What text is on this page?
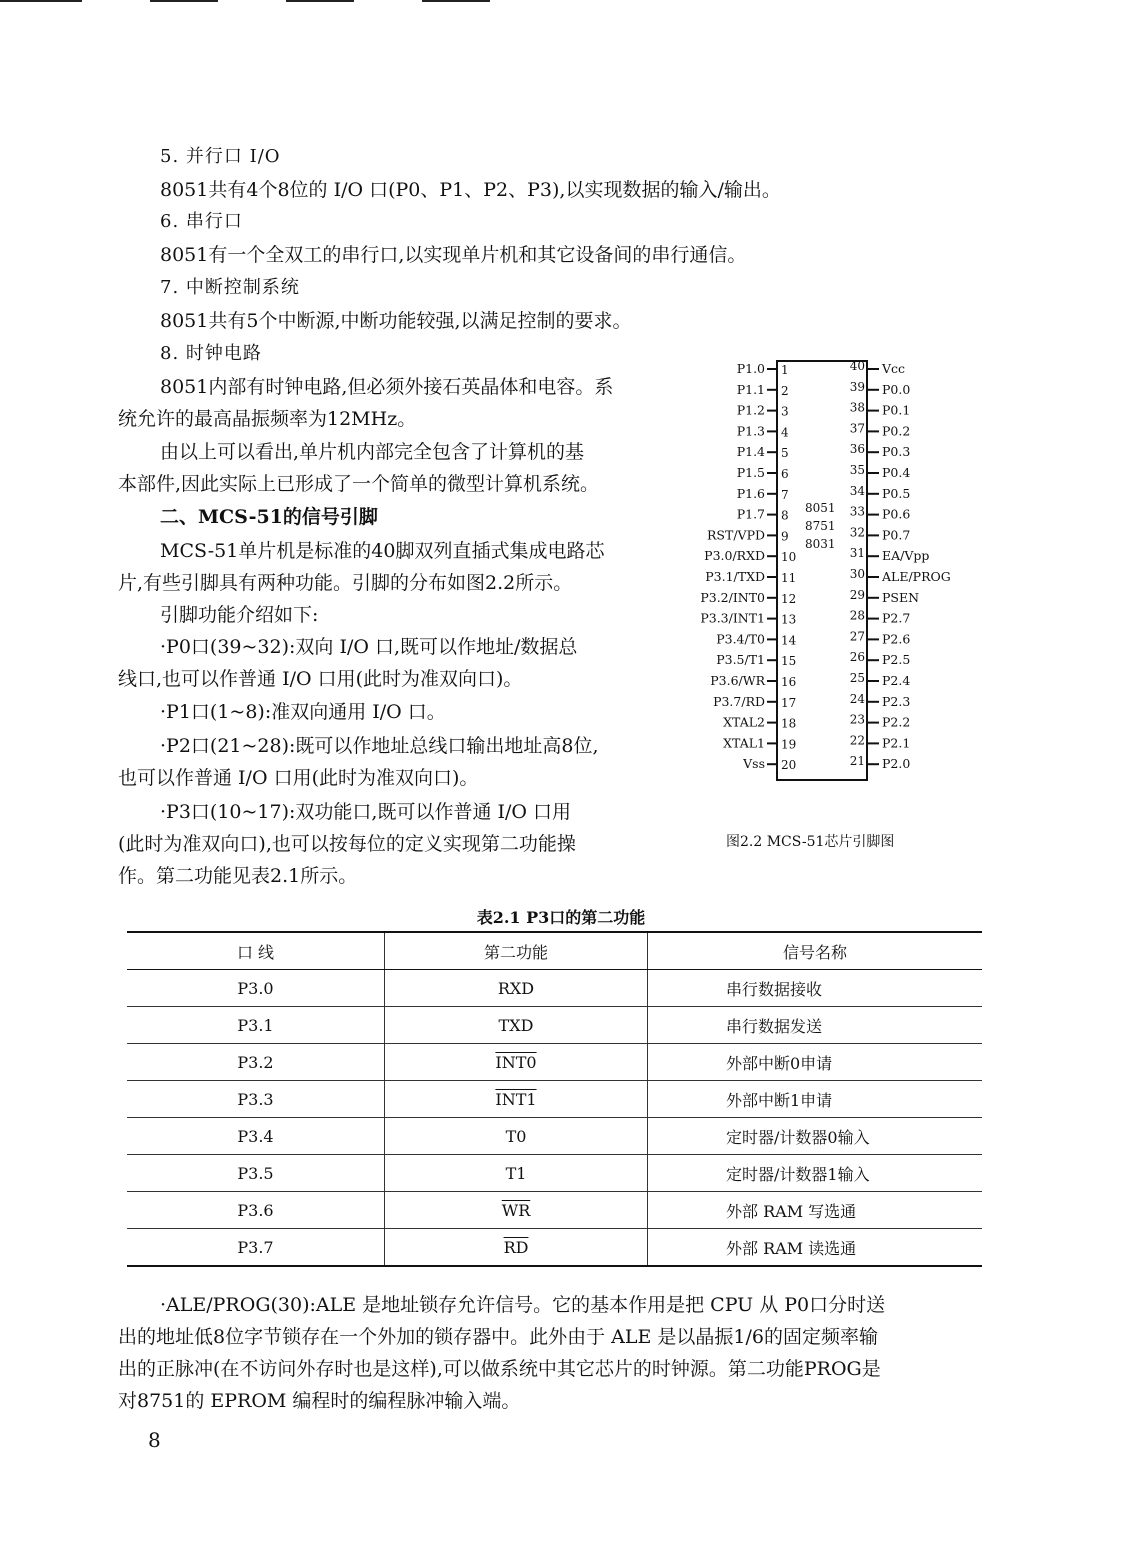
5. 并行口 I/O
8051共有4个8位的 I/O 口(P0、P1、P2、P3),以实现数据的输入/输出。
6. 串行口
8051有一个全双工的串行口,以实现单片机和其它设备间的串行通信。
7. 中断控制系统
8051共有5个中断源,中断功能较强,以满足控制的要求。
8. 时钟电路
8051内部有时钟电路,但必须外接石英晶体和电容。系
统允许的最高晶振频率为12MHz。
由以上可以看出,单片机内部完全包含了计算机的基
本部件,因此实际上已形成了一个简单的微型计算机系统。
二、MCS-51的信号引脚
MCS-51单片机是标准的40脚双列直插式集成电路芯
片,有些引脚具有两种功能。引脚的分布如图2.2所示。
引脚功能介绍如下:
·P0口(39~32):双向 I/O 口,既可以作地址/数据总
线口,也可以作普通 I/O 口用(此时为准双向口)。
·P1口(1~8):准双向通用 I/O 口。
·P2口(21~28):既可以作地址总线口输出地址高8位,
也可以作普通 I/O 口用(此时为准双向口)。
·P3口(10~17):双功能口,既可以作普通 I/O 口用
(此时为准双向口),也可以按每位的定义实现第二功能操
作。第二功能见表2.1所示。
8051
8751
8031
P1.0 1
P1.1 2
P1.2 3
P1.3 4
P1.4 5
P1.5 6
P1.6 7
P1.7 8
RST/VPD 9
P3.0/RXD 10
P3.1/TXD 11
P3.2/INT0 12
P3.3/INT1 13
P3.4/T0 14
P3.5/T1 15
P3.6/WR 16
P3.7/RD 17
XTAL2 18
XTAL1 19
Vss 20
40 Vcc
39 P0.0
38 P0.1
37 P0.2
36 P0.3
35 P0.4
34 P0.5
33 P0.6
32 P0.7
31 EA/Vpp
30 ALE/PROG
29 PSEN
28 P2.7
27 P2.6
26 P2.5
25 P2.4
24 P2.3
23 P2.2
22 P2.1
21 P2.0
图2.2 MCS-51芯片引脚图
表2.1 P3口的第二功能
口 线	第二功能	信号名称
P3.0	RXD	串行数据接收
P3.1	TXD	串行数据发送
P3.2	INT0	外部中断0申请
P3.3	INT1	外部中断1申请
P3.4	T0	定时器/计数器0输入
P3.5	T1	定时器/计数器1输入
P3.6	$\overline{WR}$	外部 RAM 写选通
P3.7	$\overline{RD}$	外部 RAM 读选通
·ALE/PROG(30):ALE 是地址锁存允许信号。它的基本作用是把 CPU 从 P0口分时送
出的地址低8位字节锁存在一个外加的锁存器中。此外由于 ALE 是以晶振1/6的固定频率输
出的正脉冲(在不访问外存时也是这样),可以做系统中其它芯片的时钟源。第二功能PROG是
对8751的 EPROM 编程时的编程脉冲输入端。
8
